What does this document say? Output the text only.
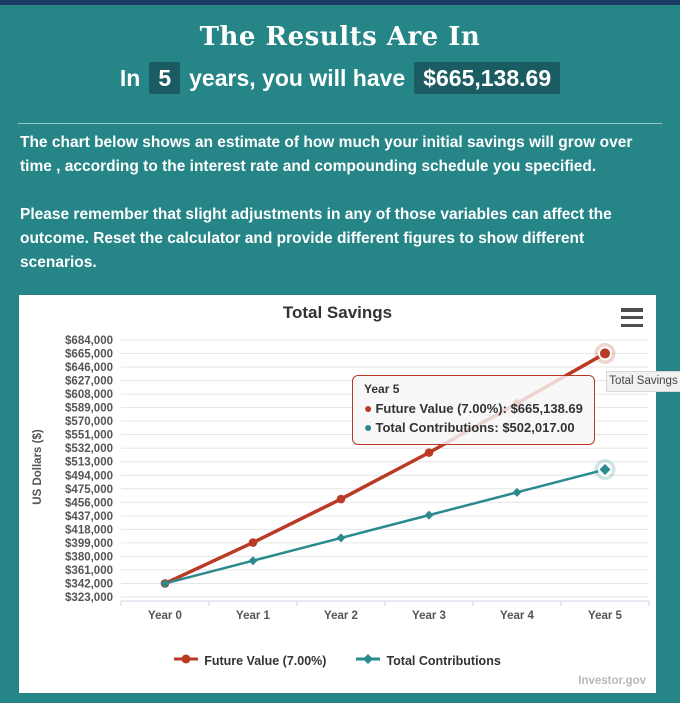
The Results Are In
In 5 years, you will have $665,138.69

The chart below shows an estimate of how much your initial savings will grow over time , according to the interest rate and compounding schedule you specified.

Please remember that slight adjustments in any of those variables can affect the outcome. Reset the calculator and provide different figures to show different scenarios.

Total Savings
$684,000
$665,000
$646,000
$627,000
$608,000
$589,000
$570,000
$551,000
$532,000
$513,000
$494,000
$475,000
$456,000
$437,000
$418,000
$399,000
$380,000
$361,000
$342,000
$323,000
Year 0	Year 1	Year 2	Year 3	Year 4	Year 5
US Dollars ($)
Year 5
● Future Value (7.00%): $665,138.69
● Total Contributions: $502,017.00
Future Value (7.00%)	Total Contributions
Investor.gov
Total Savings
